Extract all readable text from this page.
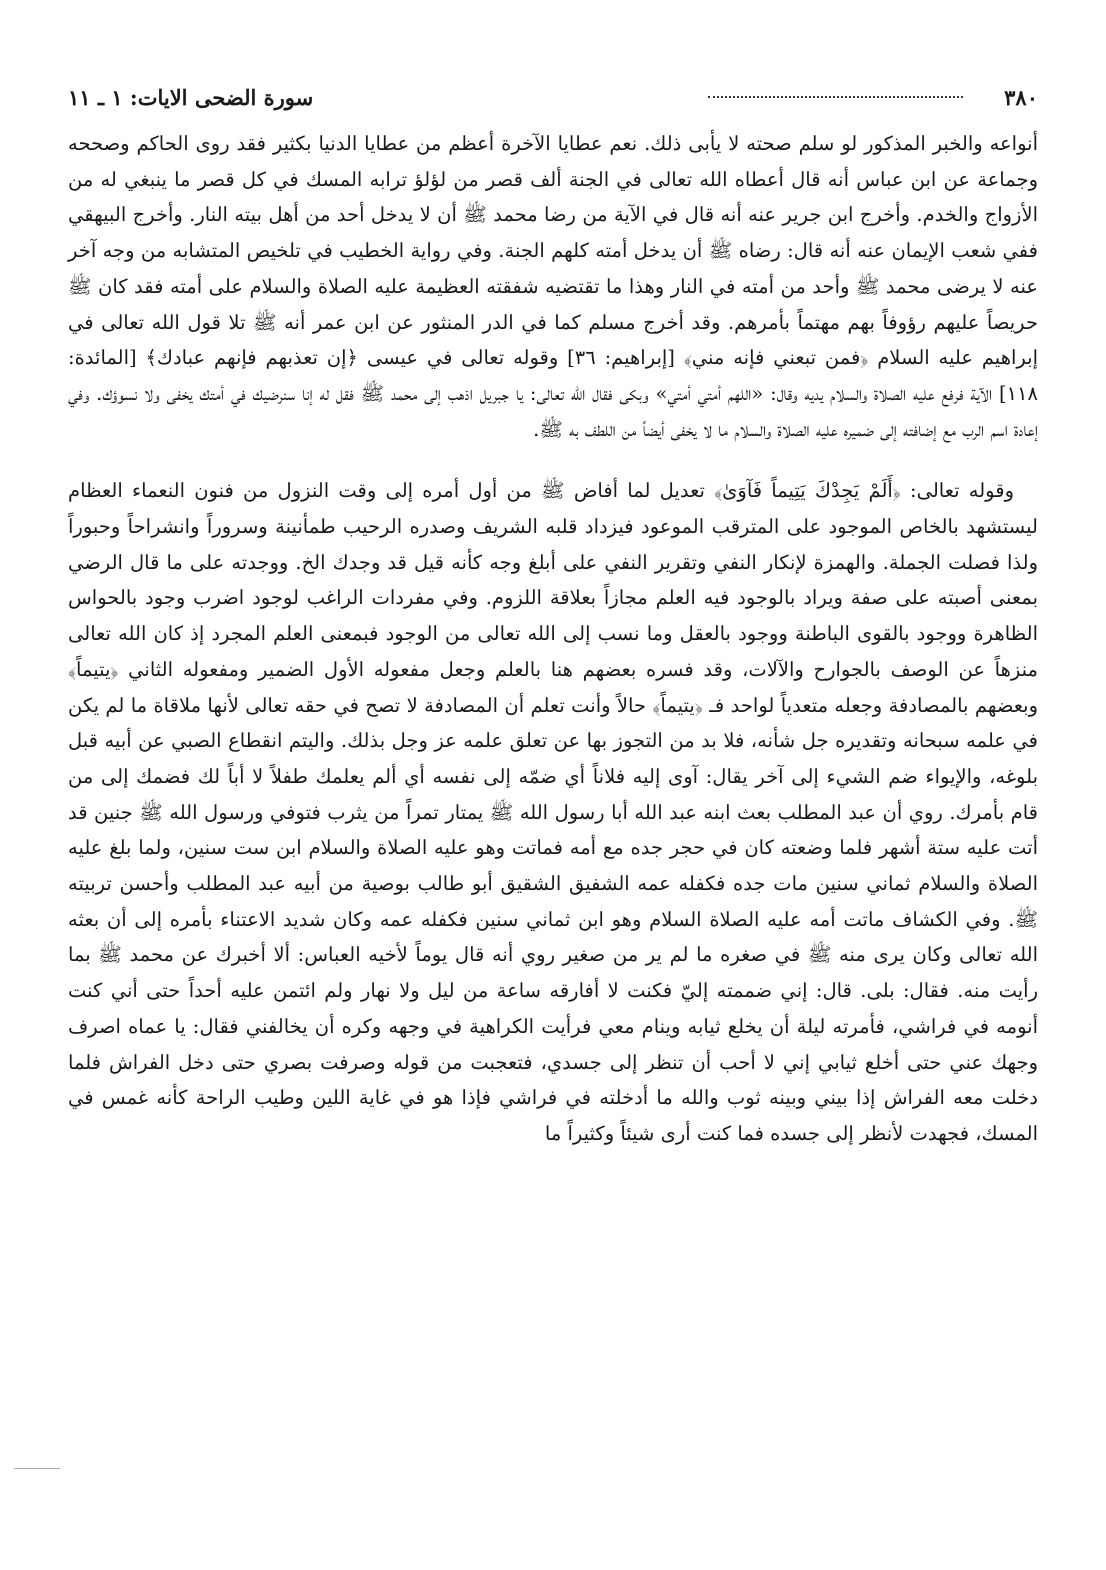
٣٨٠
سورة الضحى الايات: ١ ـ ١١

أنواعه والخبر المذكور لو سلم صحته لا يأبى ذلك. نعم عطايا الآخرة أعظم من عطايا الدنيا بكثير فقد روى الحاكم وصححه وجماعة عن ابن عباس أنه قال أعطاه الله تعالى في الجنة ألف قصر من لؤلؤ ترابه المسك في كل قصر ما ينبغي له من الأزواج والخدم. وأخرج ابن جرير عنه أنه قال في الآية من رضا محمد ﷺ أن لا يدخل أحد من أهل بيته النار. وأخرج البيهقي ففي شعب الإيمان عنه أنه قال: رضاه ﷺ أن يدخل أمته كلهم الجنة. وفي رواية الخطيب في تلخيص المتشابه من وجه آخر عنه لا يرضى محمد ﷺ وأحد من أمته في النار وهذا ما تقتضيه شفقته العظيمة عليه الصلاة والسلام على أمته فقد كان ﷺ حريصاً عليهم رؤوفاً بهم مهتماً بأمرهم. وقد أخرج مسلم كما في الدر المنثور عن ابن عمر أنه ﷺ تلا قول الله تعالى في إبراهيم عليه السلام ﴿فمن تبعني فإنه مني﴾ [إبراهيم: ٣٦] وقوله تعالى في عيسى ﴿إن تعذبهم فإنهم عبادك﴾ [المائدة: ١١٨] الآية فرفع عليه الصلاة والسلام يديه وقال: «اللهم أمتي أمتي» وبكى فقال الله تعالى: يا جبريل اذهب إلى محمد ﷺ فقل له إنا سنرضيك في أمتك يخفى ولا نسوؤك. وفي إعادة اسم الرب مع إضافته إلى ضميره عليه الصلاة والسلام ما لا يخفى أيضاً من اللطف به ﷺ.

وقوله تعالى: ﴿أَلَمْ يَجِدْكَ يَتِيماً فَآوَىٰ﴾ تعديل لما أفاض ﷺ من أول أمره إلى وقت النزول من فنون النعماء العظام ليستشهد بالخاص الموجود على المترقب الموعود فيزداد قلبه الشريف وصدره الرحيب طمأنينة وسروراً وانشراحاً وحبوراً ولذا فصلت الجملة. والهمزة لإنكار النفي وتقرير النفي على أبلغ وجه كأنه قيل قد وجدك الخ. ووجدته على ما قال الرضي بمعنى أصبته على صفة ويراد بالوجود فيه العلم مجازاً بعلاقة اللزوم. وفي مفردات الراغب لوجود اضرب وجود بالحواس الظاهرة ووجود بالقوى الباطنة ووجود بالعقل وما نسب إلى الله تعالى من الوجود فبمعنى العلم المجرد إذ كان الله تعالى منزهاً عن الوصف بالجوارح والآلات، وقد فسره بعضهم هنا بالعلم وجعل مفعوله الأول الضمير ومفعوله الثاني ﴿يتيماً﴾ وبعضهم بالمصادفة وجعله متعدياً لواحد فـ ﴿يتيماً﴾ حالاً وأنت تعلم أن المصادفة لا تصح في حقه تعالى لأنها ملاقاة ما لم يكن في علمه سبحانه وتقديره جل شأنه، فلا بد من التجوز بها عن تعلق علمه عز وجل بذلك. واليتم انقطاع الصبي عن أبيه قبل بلوغه، والإيواء ضم الشيء إلى آخر يقال: آوى إليه فلاناً أي ضمّه إلى نفسه أي ألم يعلمك طفلاً لا أباً لك فضمك إلى من قام بأمرك. روي أن عبد المطلب بعث ابنه عبد الله أبا رسول الله ﷺ يمتار تمراً من يثرب فتوفي ورسول الله ﷺ جنين قد أتت عليه ستة أشهر فلما وضعته كان في حجر جده مع أمه فماتت وهو عليه الصلاة والسلام ابن ست سنين، ولما بلغ عليه الصلاة والسلام ثماني سنين مات جده فكفله عمه الشفيق الشقيق أبو طالب بوصية من أبيه عبد المطلب وأحسن تربيته ﷺ. وفي الكشاف ماتت أمه عليه الصلاة السلام وهو ابن ثماني سنين فكفله عمه وكان شديد الاعتناء بأمره إلى أن بعثه الله تعالى وكان يرى منه ﷺ في صغره ما لم ير من صغير روي أنه قال يوماً لأخيه العباس: ألا أخبرك عن محمد ﷺ بما رأيت منه. فقال: بلى. قال: إني ضممته إليّ فكنت لا أفارقه ساعة من ليل ولا نهار ولم ائتمن عليه أحداً حتى أني كنت أنومه في فراشي، فأمرته ليلة أن يخلع ثيابه وينام معي فرأيت الكراهية في وجهه وكره أن يخالفني فقال: يا عماه اصرف وجهك عني حتى أخلع ثيابي إني لا أحب أن تنظر إلى جسدي، فتعجبت من قوله وصرفت بصري حتى دخل الفراش فلما دخلت معه الفراش إذا بيني وبينه ثوب والله ما أدخلته في فراشي فإذا هو في غاية اللين وطيب الراحة كأنه غمس في المسك، فجهدت لأنظر إلى جسده فما كنت أرى شيئاً وكثيراً ما
